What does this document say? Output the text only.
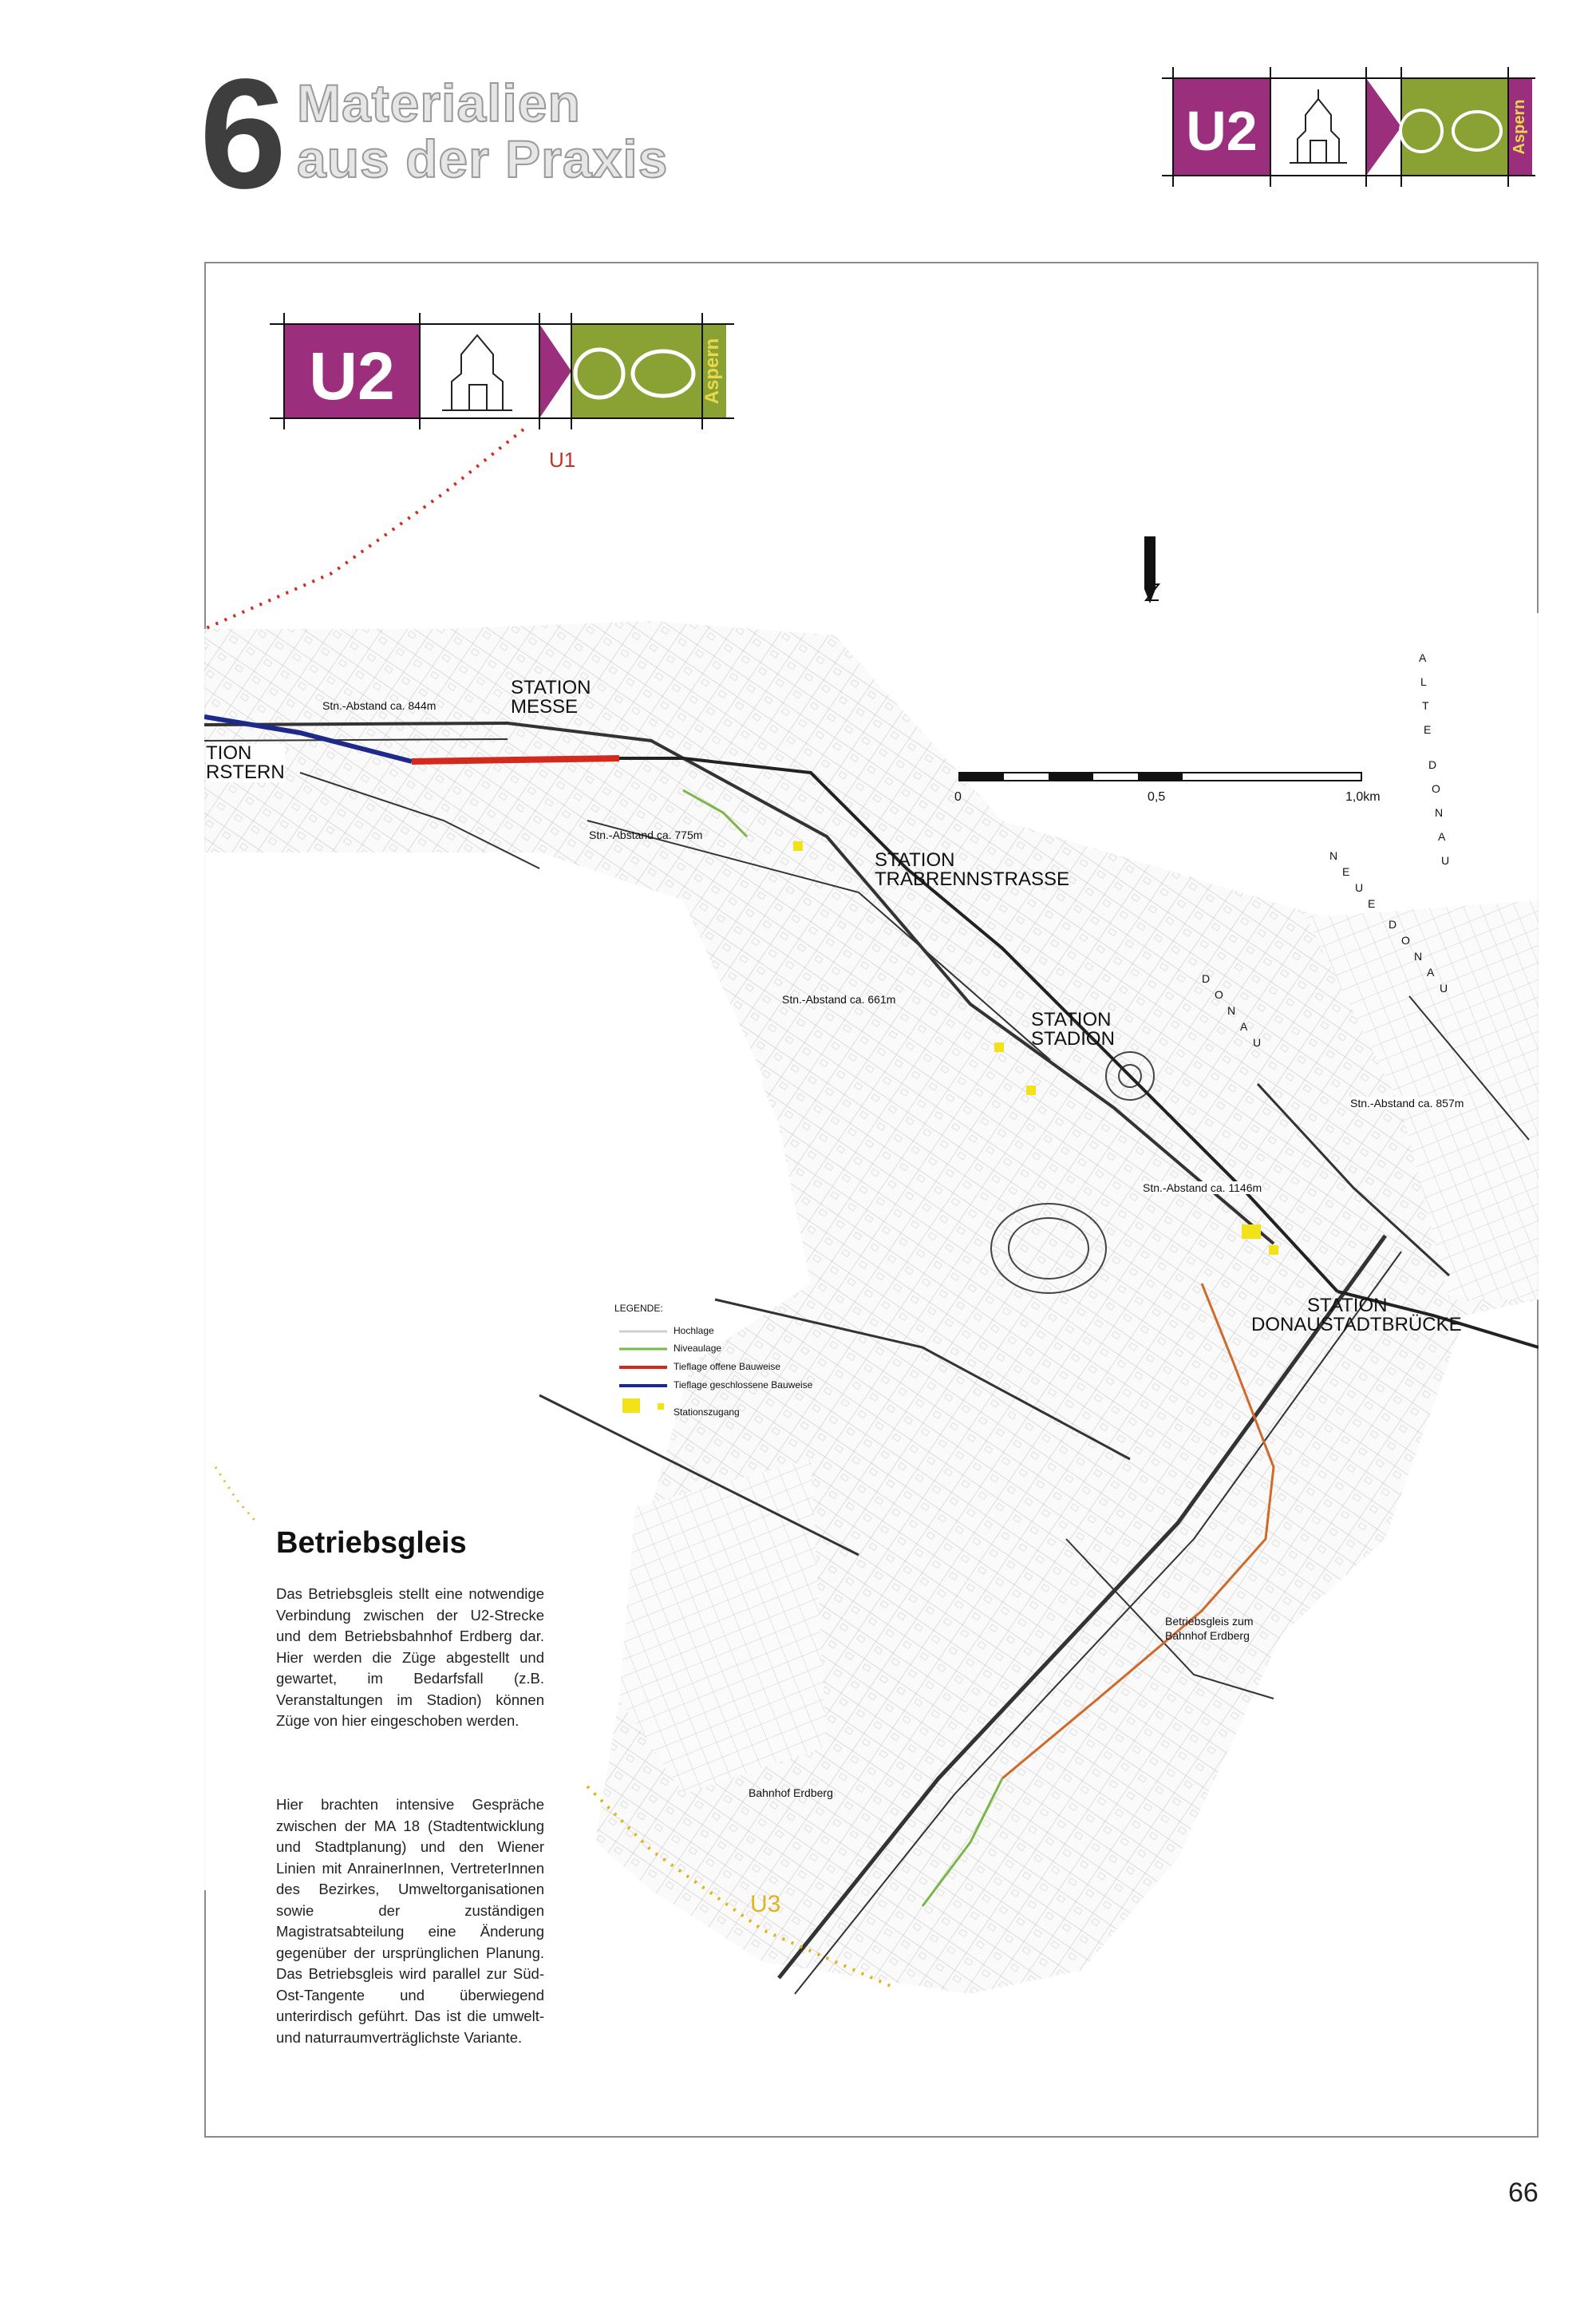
6 Materialien
aus der Praxis	U2	Aspern
U2	Aspern
STATION
MESSE
STATION
TRABRENNSTRASSE
STATION
STADION
STATION
DONAUSTADTBRÜCKE
TION
RSTERN
Stn.-Abstand ca. 844m
Stn.-Abstand ca. 775m
Stn.-Abstand ca. 661m
Stn.-Abstand ca. 857m
Stn.-Abstand ca. 1146m
Betriebsgleis zum
Bahnhof Erdberg
Bahnhof Erdberg
U1
U3
0	0,5	1,0km
A
L
T
E
D
O
N
A
U
N
E
U
E
D
O
N
A
U
D
O
N
A
U
LEGENDE:
Hochlage
Niveaulage
Tieflage offene Bauweise
Tieflage geschlossene Bauweise
Stationszugang
Betriebsgleis
Das Betriebsgleis stellt eine notwendige Verbindung zwischen der U2-Strecke und dem Betriebsbahnhof Erdberg dar. Hier werden die Züge abgestellt und gewartet, im Bedarfsfall (z.B. Veranstaltungen im Stadion) können Züge von hier eingeschoben werden.
Hier brachten intensive Gespräche zwischen der MA 18 (Stadtentwicklung und Stadtplanung) und den Wiener Linien mit AnrainerInnen, VertreterInnen des Bezirkes, Umweltorganisationen sowie der zuständigen Magistratsabteilung eine Änderung gegenüber der ursprünglichen Planung. Das Betriebsgleis wird parallel zur Süd-Ost-Tangente und überwiegend unterirdisch geführt. Das ist die umwelt- und naturraumverträglichste Variante.
66
